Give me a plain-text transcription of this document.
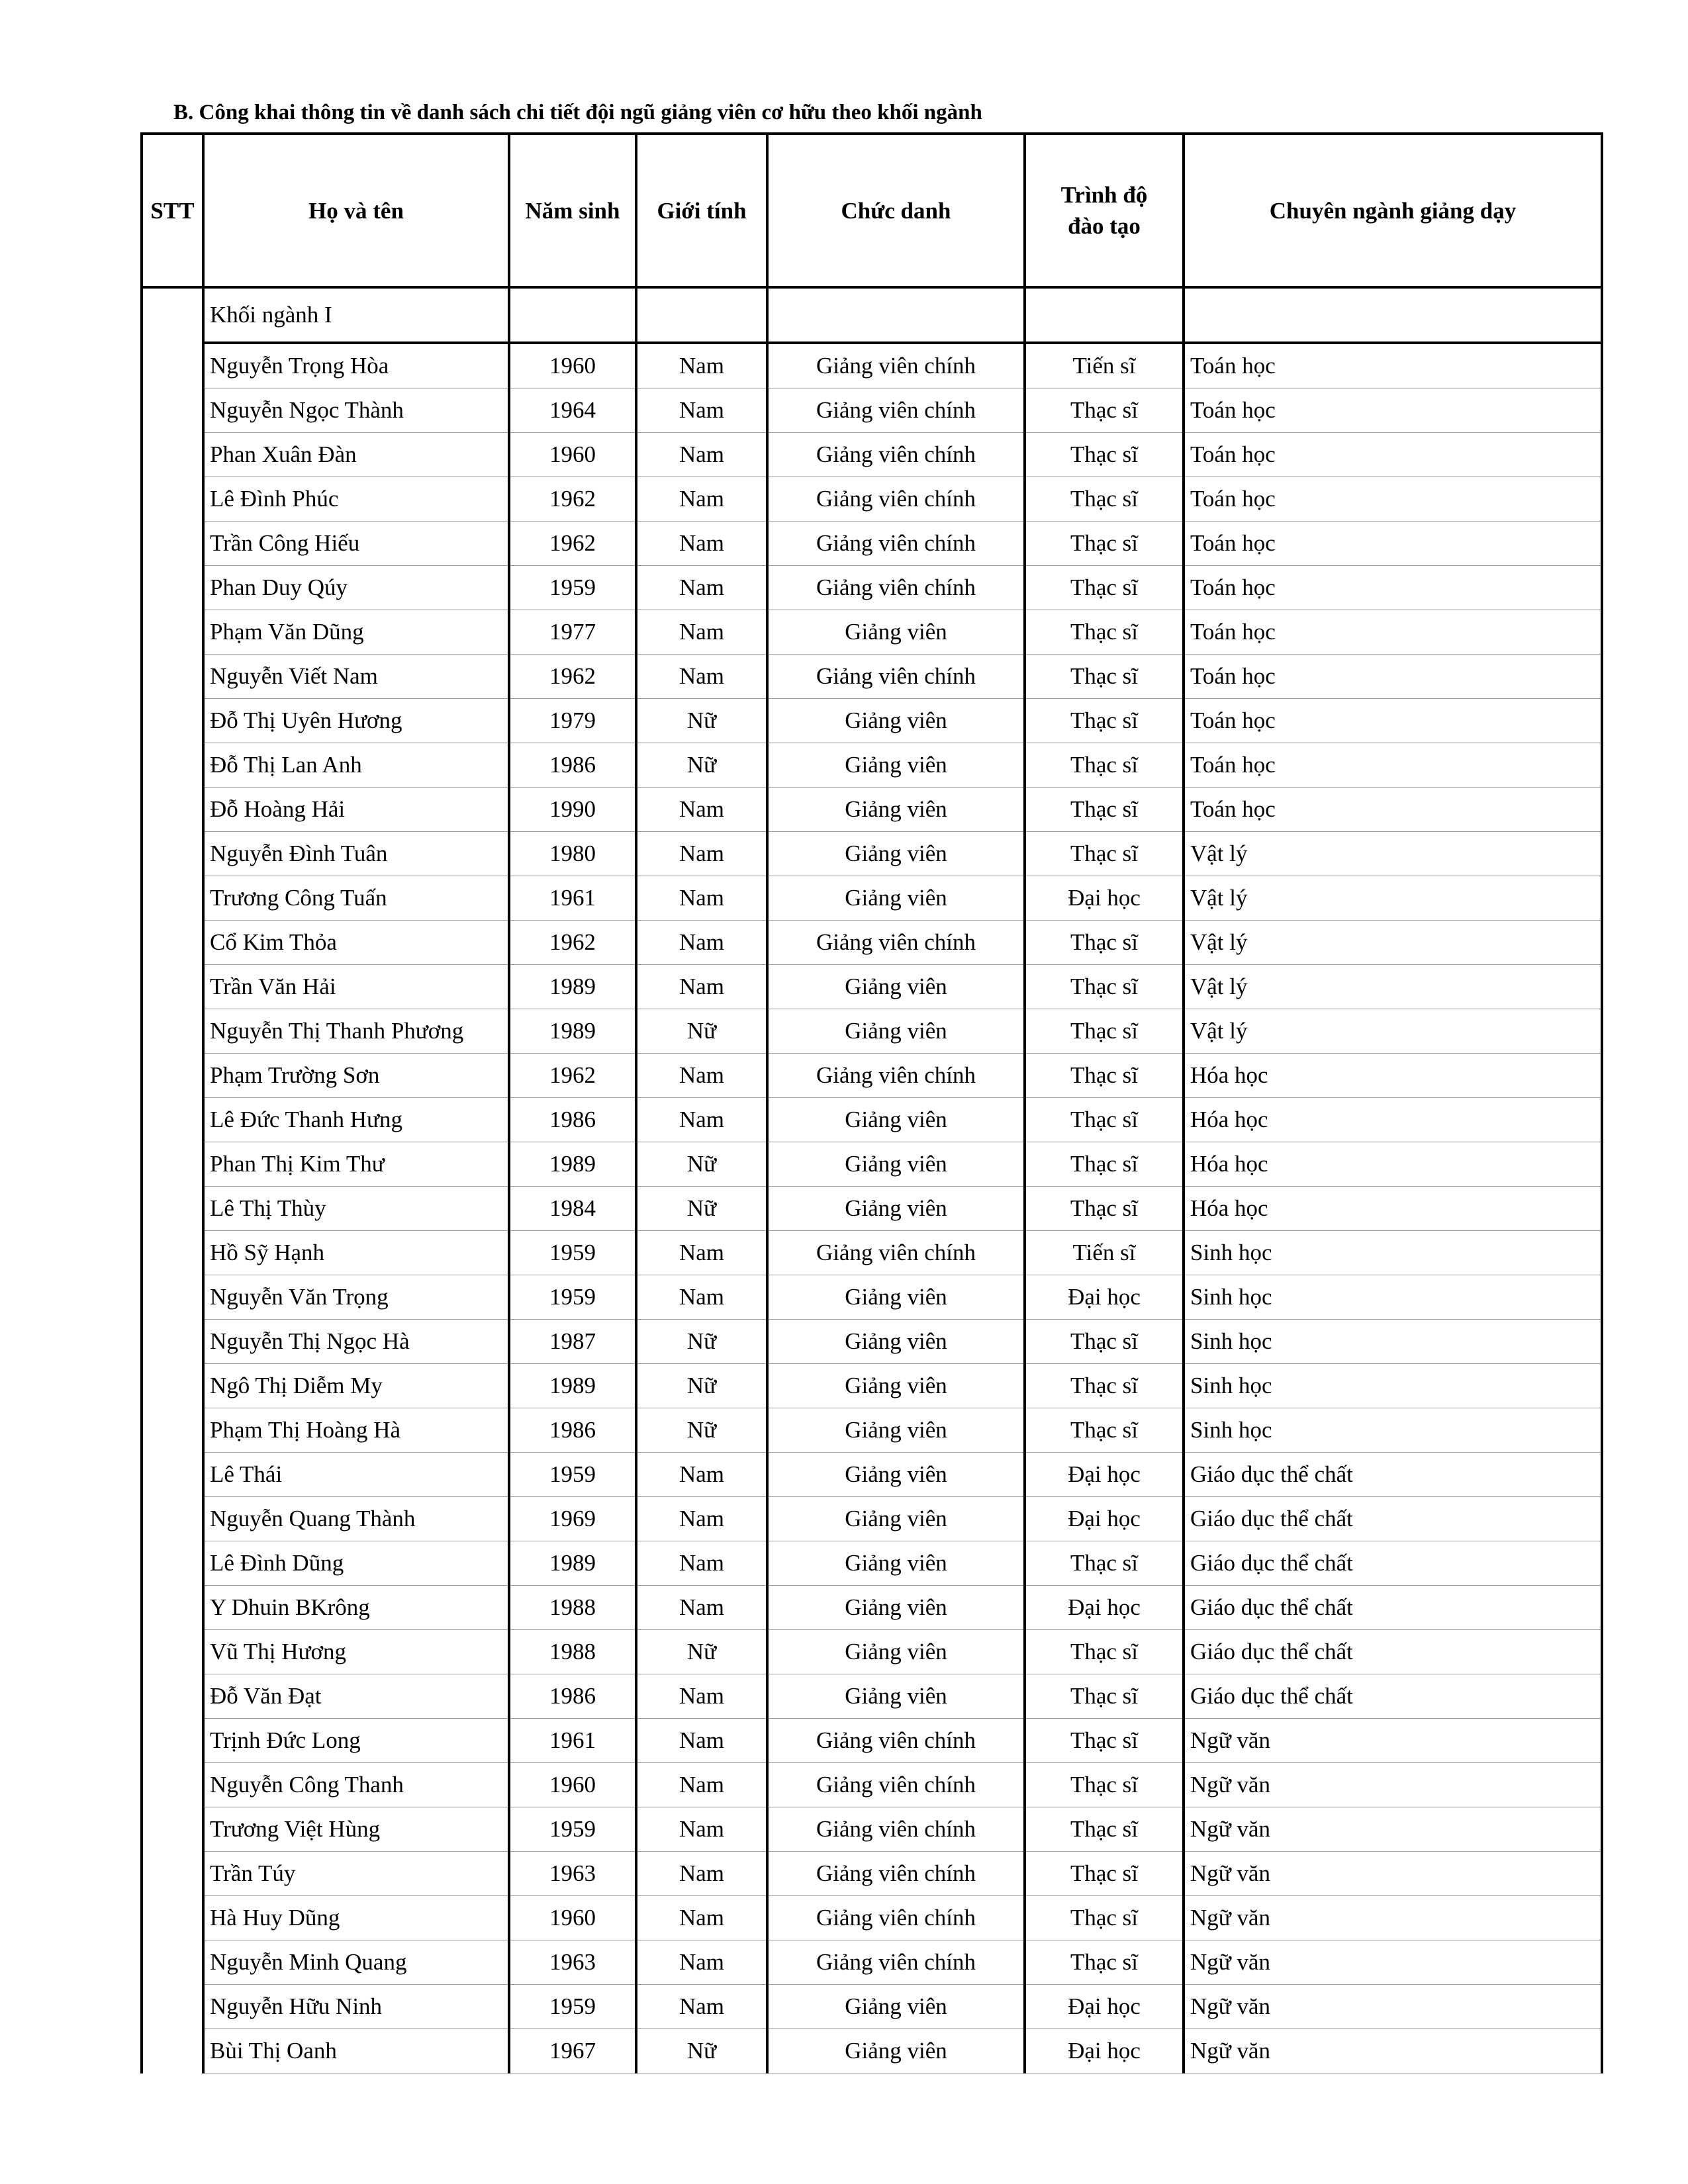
B. Công khai thông tin về danh sách chi tiết đội ngũ giảng viên cơ hữu theo khối ngành
STT	Họ và tên	Năm sinh	Giới tính	Chức danh	Trình độ đào tạo	Chuyên ngành giảng dạy
	Khối ngành I					
	Nguyễn Trọng Hòa	1960	Nam	Giảng viên chính	Tiến sĩ	Toán học
	Nguyễn Ngọc Thành	1964	Nam	Giảng viên chính	Thạc sĩ	Toán học
	Phan Xuân Đàn	1960	Nam	Giảng viên chính	Thạc sĩ	Toán học
	Lê Đình Phúc	1962	Nam	Giảng viên chính	Thạc sĩ	Toán học
	Trần Công Hiếu	1962	Nam	Giảng viên chính	Thạc sĩ	Toán học
	Phan Duy Qúy	1959	Nam	Giảng viên chính	Thạc sĩ	Toán học
	Phạm Văn Dũng	1977	Nam	Giảng viên	Thạc sĩ	Toán học
	Nguyễn Viết Nam	1962	Nam	Giảng viên chính	Thạc sĩ	Toán học
	Đỗ Thị Uyên Hương	1979	Nữ	Giảng viên	Thạc sĩ	Toán học
	Đỗ Thị Lan Anh	1986	Nữ	Giảng viên	Thạc sĩ	Toán học
	Đỗ Hoàng Hải	1990	Nam	Giảng viên	Thạc sĩ	Toán học
	Nguyễn Đình Tuân	1980	Nam	Giảng viên	Thạc sĩ	Vật lý
	Trương Công Tuấn	1961	Nam	Giảng viên	Đại học	Vật lý
	Cổ Kim Thỏa	1962	Nam	Giảng viên chính	Thạc sĩ	Vật lý
	Trần Văn Hải	1989	Nam	Giảng viên	Thạc sĩ	Vật lý
	Nguyễn Thị Thanh Phương	1989	Nữ	Giảng viên	Thạc sĩ	Vật lý
	Phạm Trường Sơn	1962	Nam	Giảng viên chính	Thạc sĩ	Hóa học
	Lê Đức Thanh Hưng	1986	Nam	Giảng viên	Thạc sĩ	Hóa học
	Phan Thị Kim Thư	1989	Nữ	Giảng viên	Thạc sĩ	Hóa học
	Lê Thị Thùy	1984	Nữ	Giảng viên	Thạc sĩ	Hóa học
	Hồ Sỹ Hạnh	1959	Nam	Giảng viên chính	Tiến sĩ	Sinh học
	Nguyễn Văn Trọng	1959	Nam	Giảng viên	Đại học	Sinh học
	Nguyễn Thị Ngọc Hà	1987	Nữ	Giảng viên	Thạc sĩ	Sinh học
	Ngô Thị Diễm My	1989	Nữ	Giảng viên	Thạc sĩ	Sinh học
	Phạm Thị Hoàng Hà	1986	Nữ	Giảng viên	Thạc sĩ	Sinh học
	Lê Thái	1959	Nam	Giảng viên	Đại học	Giáo dục thể chất
	Nguyễn Quang Thành	1969	Nam	Giảng viên	Đại học	Giáo dục thể chất
	Lê Đình Dũng	1989	Nam	Giảng viên	Thạc sĩ	Giáo dục thể chất
	Y Dhuin BKrông	1988	Nam	Giảng viên	Đại học	Giáo dục thể chất
	Vũ Thị Hương	1988	Nữ	Giảng viên	Thạc sĩ	Giáo dục thể chất
	Đỗ Văn Đạt	1986	Nam	Giảng viên	Thạc sĩ	Giáo dục thể chất
	Trịnh Đức Long	1961	Nam	Giảng viên chính	Thạc sĩ	Ngữ văn
	Nguyễn Công Thanh	1960	Nam	Giảng viên chính	Thạc sĩ	Ngữ văn
	Trương Việt Hùng	1959	Nam	Giảng viên chính	Thạc sĩ	Ngữ văn
	Trần Túy	1963	Nam	Giảng viên chính	Thạc sĩ	Ngữ văn
	Hà Huy Dũng	1960	Nam	Giảng viên chính	Thạc sĩ	Ngữ văn
	Nguyễn Minh Quang	1963	Nam	Giảng viên chính	Thạc sĩ	Ngữ văn
	Nguyễn Hữu Ninh	1959	Nam	Giảng viên	Đại học	Ngữ văn
	Bùi Thị Oanh	1967	Nữ	Giảng viên	Đại học	Ngữ văn
